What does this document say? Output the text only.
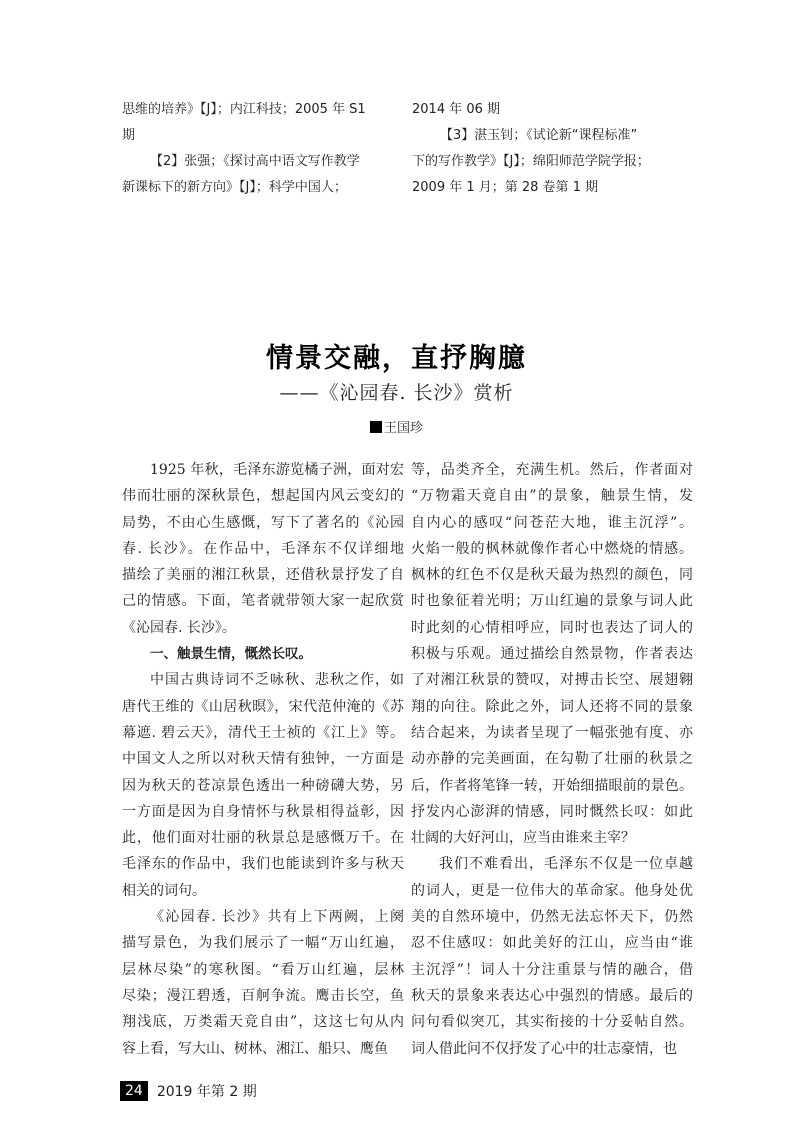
思维的培养》【J】；内江科技；2005 年 S1
期
【2】张强；《探讨高中语文写作教学
新课标下的新方向》【J】；科学中国人；
2014 年 06 期
【3】湛玉钊；《试论新“课程标准”
下的写作教学》【J】；绵阳师范学院学报；
2009 年 1 月；第 28 卷第 1 期
情景交融，直抒胸臆
——《沁园春. 长沙》赏析
王国珍
1925 年秋，毛泽东游览橘子洲，面对宏
伟而壮丽的深秋景色，想起国内风云变幻的
局势，不由心生感慨，写下了著名的《沁园
春. 长沙》。在作品中，毛泽东不仅详细地
描绘了美丽的湘江秋景，还借秋景抒发了自
己的情感。下面，笔者就带领大家一起欣赏
《沁园春. 长沙》。
一、触景生情，慨然长叹。
中国古典诗词不乏咏秋、悲秋之作，如
唐代王维的《山居秋暝》，宋代范仲淹的《苏
幕遮. 碧云天》，清代王士祯的《江上》等。
中国文人之所以对秋天情有独钟，一方面是
因为秋天的苍凉景色透出一种磅礴大势，另
一方面是因为自身情怀与秋景相得益彰，因
此，他们面对壮丽的秋景总是感慨万千。在
毛泽东的作品中，我们也能读到许多与秋天
相关的词句。
《沁园春. 长沙》共有上下两阙，上阕
描写景色，为我们展示了一幅“万山红遍，
层林尽染”的寒秋图。“看万山红遍，层林
尽染；漫江碧透，百舸争流。鹰击长空，鱼
翔浅底，万类霜天竞自由”，这这七句从内
容上看，写大山、树林、湘江、船只、鹰鱼
等，品类齐全，充满生机。然后，作者面对
“万物霜天竟自由”的景象，触景生情，发
自内心的感叹“问苍茫大地，谁主沉浮”。
火焰一般的枫林就像作者心中燃烧的情感。
枫林的红色不仅是秋天最为热烈的颜色，同
时也象征着光明；万山红遍的景象与词人此
时此刻的心情相呼应，同时也表达了词人的
积极与乐观。通过描绘自然景物，作者表达
了对湘江秋景的赞叹，对搏击长空、展翅翱
翔的向往。除此之外，词人还将不同的景象
结合起来，为读者呈现了一幅张弛有度、亦
动亦静的完美画面，在勾勒了壮丽的秋景之
后，作者将笔锋一转，开始细描眼前的景色。
抒发内心澎湃的情感，同时慨然长叹：如此
壮阔的大好河山，应当由谁来主宰？
我们不难看出，毛泽东不仅是一位卓越
的词人，更是一位伟大的革命家。他身处优
美的自然环境中，仍然无法忘怀天下，仍然
忍不住感叹：如此美好的江山，应当由“谁
主沉浮”！词人十分注重景与情的融合，借
秋天的景象来表达心中强烈的情感。最后的
问句看似突兀，其实衔接的十分妥帖自然。
词人借此问不仅抒发了心中的壮志豪情，也
24	2019 年第 2 期
